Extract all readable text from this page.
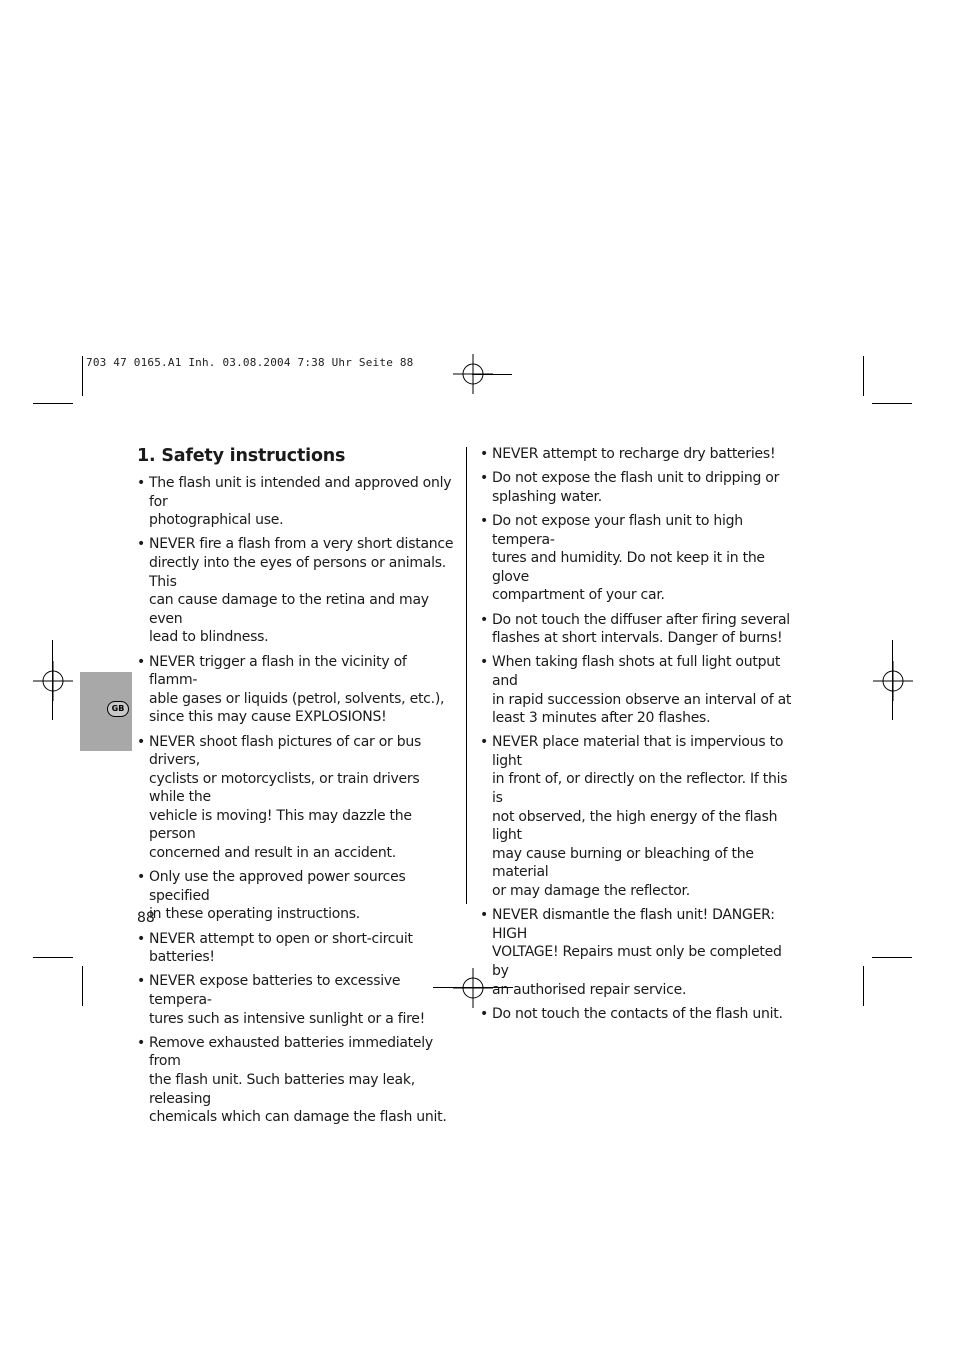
703 47 0165.A1 Inh. 03.08.2004 7:38 Uhr Seite 88
GB
1. Safety instructions
• The flash unit is intended and approved only for
photographical use.
• NEVER fire a flash from a very short distance
directly into the eyes of persons or animals. This
can cause damage to the retina and may even
lead to blindness.
• NEVER trigger a flash in the vicinity of flamm-
able gases or liquids (petrol, solvents, etc.),
since this may cause EXPLOSIONS!
• NEVER shoot flash pictures of car or bus drivers,
cyclists or motorcyclists, or train drivers while the
vehicle is moving! This may dazzle the person
concerned and result in an accident.
• Only use the approved power sources specified
in these operating instructions.
• NEVER attempt to open or short-circuit batteries!
• NEVER expose batteries to excessive tempera-
tures such as intensive sunlight or a fire!
• Remove exhausted batteries immediately from
the flash unit. Such batteries may leak, releasing
chemicals which can damage the flash unit.
• NEVER attempt to recharge dry batteries!
• Do not expose the flash unit to dripping or
splashing water.
• Do not expose your flash unit to high tempera-
tures and humidity. Do not keep it in the glove
compartment of your car.
• Do not touch the diffuser after firing several
flashes at short intervals. Danger of burns!
• When taking flash shots at full light output and
in rapid succession observe an interval of at
least 3 minutes after 20 flashes.
• NEVER place material that is impervious to light
in front of, or directly on the reflector. If this is
not observed, the high energy of the flash light
may cause burning or bleaching of the material
or may damage the reflector.
• NEVER dismantle the flash unit! DANGER: HIGH
VOLTAGE! Repairs must only be completed by
an authorised repair service.
• Do not touch the contacts of the flash unit.
88
